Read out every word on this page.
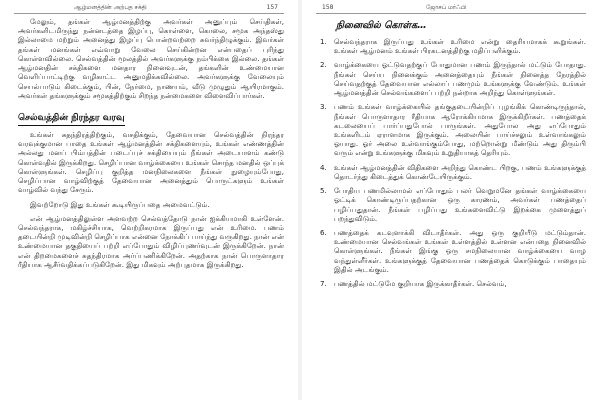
ஆழ்மனத்தின் அற்புத சக்தி	157

மேலும், தங்கள் ஆழ்மனத்திற்கு அவர்கள் அனுப்பும் செய்திகள், அவர்களிடமிருந்து நன்னடத்தை இழப்பு, கொள்ளை, கொலை, சமூக அந்தஸ்து இல்லாமை மற்றும் அனைத்து இழப்பு பொன்றவற்றை சுவர்ந்திழுக்கும். இவர்கள் தங்கள் மனங்கள் எவ்வாறு வேலை செய்கின்றன என்பதைப் புரிந்து கொள்ளவில்லை. செல்வத்தின் மூலத்தில் அவர்களுக்கு நம்பிக்கை இல்லை. தங்கள் ஆழ்மனதின் சக்திகளை மனதார நினைவுடன், தங்களின் உண்மையான வெளிப்பாட்டிற்கு வழிகாட்ட அனுமதிக்கவில்லை. அவர்களுக்கு வேலையும் செயல்பாடும் கிடைக்கும், பின், நேர்மை, நாணயம், வீடு முழுதும் ஆயிரமாகும். அவர்கள் தங்களுக்கும் சமூகத்திற்கும் சிறந்த நன்மைகளை விளைவிப்பார்கள்.

செல்வத்தின் நிரந்தர வரவு

உங்கள் சுதந்திரத்திற்கும், வசதிக்கும், தேவையான செல்வத்தின் நிரந்தர வரவுக்குமான பாதை உங்கள் ஆழ்மனத்தின் சக்திகளையும், உங்கள் எண்ணத்தின் அல்லது மனப் பிம்பத்தின் படைப்புச் சக்தியையும் நீங்கள் அடையாளம் கண்டு கொள்வதில் இருக்கிறது. செழிப்பான வாழ்க்கையை உங்கள் சொந்த மனதில் ஒப்புக் கொள்ளுங்கள். செழிப்பு குறித்த மனநிலைகளை நீங்கள் நுழையும்போது, செழிப்பான வாழ்விற்குத் தேவையான அனைத்தும் பொருட்களும் உங்கள் வாழ்வில் வந்து சேரும்.

இவற்றோடு இது உங்கள் கூடியிருப்பதை அமைவட்டும்.

என் ஆழ்மனத்திலுள்ள அளவற்ற செல்வத்தோடு நான் ஐக்கியமாகி உள்ளேன். செல்வந்தராக, மகிழ்ச்சியாக, வெற்றிகரமாக இருப்பது என் உரிமை. பணம் தடையின்றி முடிவின்றி செழிப்பாக என்னை நோக்கிப் பாய்ந்து வருகிறது. நான் என் உண்மையான தகுதியைப் பற்றி எப்போதும் விழிப்புணர்வுடன் இருக்கிறேன். நான் என் திறமைகளைச் சுதந்திரமாக அர்ப்பணிக்கிறேன். அதற்காக நான் பொருளாதார ரீதியாக ஆசீர்வதிக்கப்படுகிறேன். இது மிகவும் அற்புதமாக இருக்கிறது.

158	ஜோசப் மர்ஃபி
நினைவில் கொள்க…
1.	செல்வந்தராக இருப்பது உங்கள் உரிமை என்று தைரியமாகக் கூறுங்கள். உங்கள் ஆழ்மனம் உங்கள் பிரகடனத்திற்கு மதிப்பளிக்கும்.
2.	வாழ்க்கையை ஓட்டுவதற்குப் போதுமான பணம் இருந்தால் மட்டும் போதாது. நீங்கள் செய்ய நினைக்கும் அனைத்தையும் நீங்கள் நினைத்த நேரத்தில் செய்வதற்குத் தேவையான எல்லாப் பணமும் உங்களுக்கு வேண்டும். உங்கள் ஆழ்மனத்தின் செல்வங்களைப் பற்றி நன்றாக அறிந்து கொள்ளுங்கள்.
3.	பணம் உங்கள் வாழ்க்கையில் தங்குதடையின்றிப் புழங்கிக் கொண்டிருந்தால், நீங்கள் பொருளாதார ரீதியாக ஆரோக்கியமாக இருக்கிறீர்கள். பணத்தைக் கடலையைப் பார்ப்பதுபோல் பாருங்கள். அதுபோல அது எப்போதும் உங்களிடம் ஏராளமாக இருக்கும். அலையின் பாய்ச்சலும் உள்வாங்கலும் ஓயாது. ஓர் அலை உள்வாங்கும்போது, மற்றொன்று மீண்டும் அது திரும்பி வரும் என்று உங்களுக்கு மிகவும் உறுதியாகத் தெரியும்.
4.	உங்கள் ஆழ்மனத்தின் விதிகளை அறிந்து கொண்ட பிறகு, பணம் உங்களுக்குத் தொடர்ந்து கிடைத்துக் கொண்டேயிருக்கும்.
5.	போதிய பணமில்லாமல் எப்போதும் பலர் வெறுமனே தங்கள் வாழ்க்கையை ஓட்டிக் கொண்டிருப்பதற்கான ஒரு காரணம், அவர்கள் பணத்தைப் பழிப்பதுதான். நீங்கள் பழிப்பது உங்களைவிட்டு இறக்கை முளைத்துப் பறந்துவிடும்.
6.	பணத்தைக் கடவுளாக்கி விடாதீர்கள். அது ஒரு குறியீடு மட்டும்தான். உண்மையான செல்வங்கள் உங்கள் உள்ளத்தில் உள்ளன என்பதை நினைவில் கொள்ளுங்கள். நீங்கள் இங்கு ஒரு சமநிலையான வாழ்க்கையை வாழ வந்துள்ளீர்கள். உங்களுக்குத் தேவையான பணத்தைக் கொடுக்கும் பாதையும் இதில் அடங்கும்.
7.	பணத்தில் மட்டுமே குறியாக இருக்காதீர்கள். செல்வம்,
